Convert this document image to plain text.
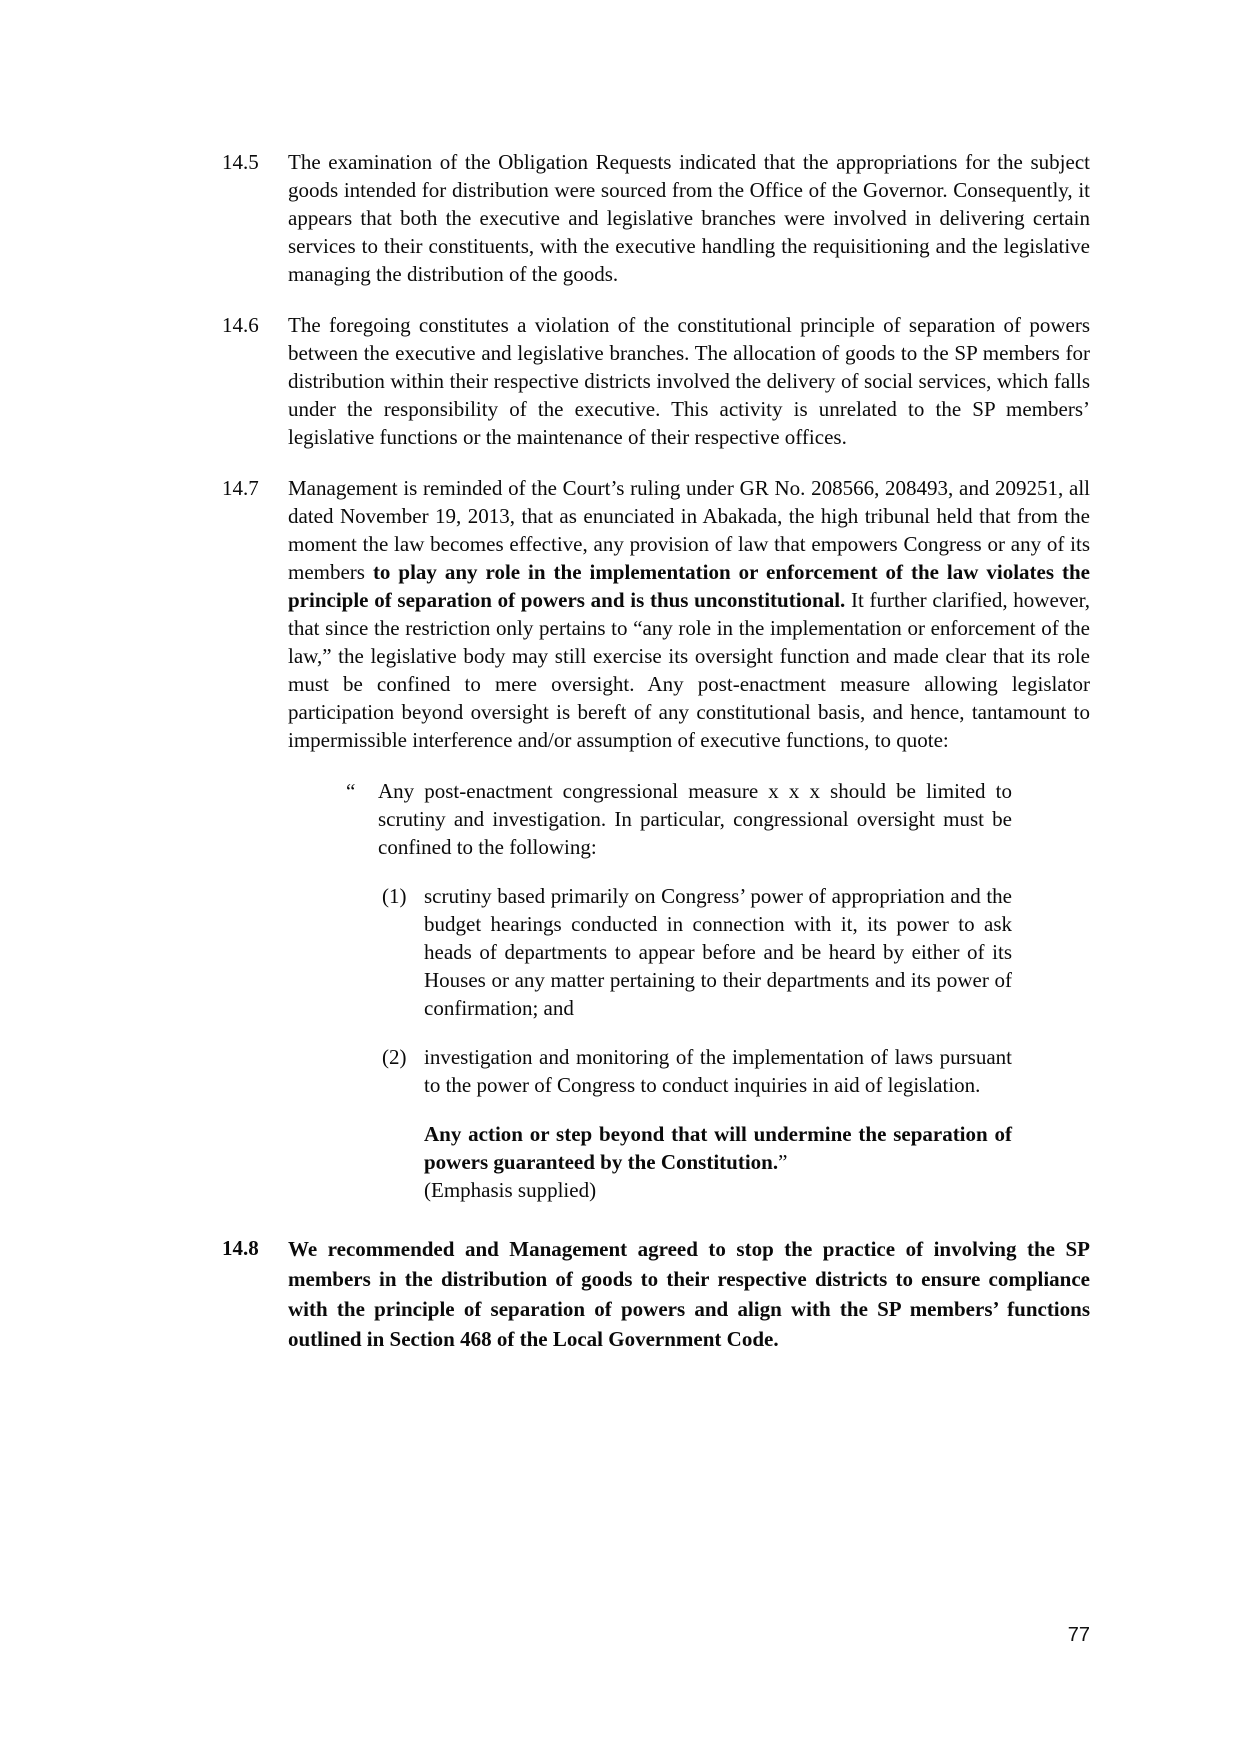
14.5	The examination of the Obligation Requests indicated that the appropriations for the subject goods intended for distribution were sourced from the Office of the Governor. Consequently, it appears that both the executive and legislative branches were involved in delivering certain services to their constituents, with the executive handling the requisitioning and the legislative managing the distribution of the goods.
14.6	The foregoing constitutes a violation of the constitutional principle of separation of powers between the executive and legislative branches. The allocation of goods to the SP members for distribution within their respective districts involved the delivery of social services, which falls under the responsibility of the executive. This activity is unrelated to the SP members’ legislative functions or the maintenance of their respective offices.
14.7	Management is reminded of the Court’s ruling under GR No. 208566, 208493, and 209251, all dated November 19, 2013, that as enunciated in Abakada, the high tribunal held that from the moment the law becomes effective, any provision of law that empowers Congress or any of its members to play any role in the implementation or enforcement of the law violates the principle of separation of powers and is thus unconstitutional. It further clarified, however, that since the restriction only pertains to “any role in the implementation or enforcement of the law,” the legislative body may still exercise its oversight function and made clear that its role must be confined to mere oversight. Any post-enactment measure allowing legislator participation beyond oversight is bereft of any constitutional basis, and hence, tantamount to impermissible interference and/or assumption of executive functions, to quote:
“	Any post-enactment congressional measure x x x should be limited to scrutiny and investigation. In particular, congressional oversight must be confined to the following:
(1) scrutiny based primarily on Congress’ power of appropriation and the budget hearings conducted in connection with it, its power to ask heads of departments to appear before and be heard by either of its Houses or any matter pertaining to their departments and its power of confirmation; and
(2) investigation and monitoring of the implementation of laws pursuant to the power of Congress to conduct inquiries in aid of legislation.
Any action or step beyond that will undermine the separation of powers guaranteed by the Constitution.”
(Emphasis supplied)
14.8	We recommended and Management agreed to stop the practice of involving the SP members in the distribution of goods to their respective districts to ensure compliance with the principle of separation of powers and align with the SP members’ functions outlined in Section 468 of the Local Government Code.
77
